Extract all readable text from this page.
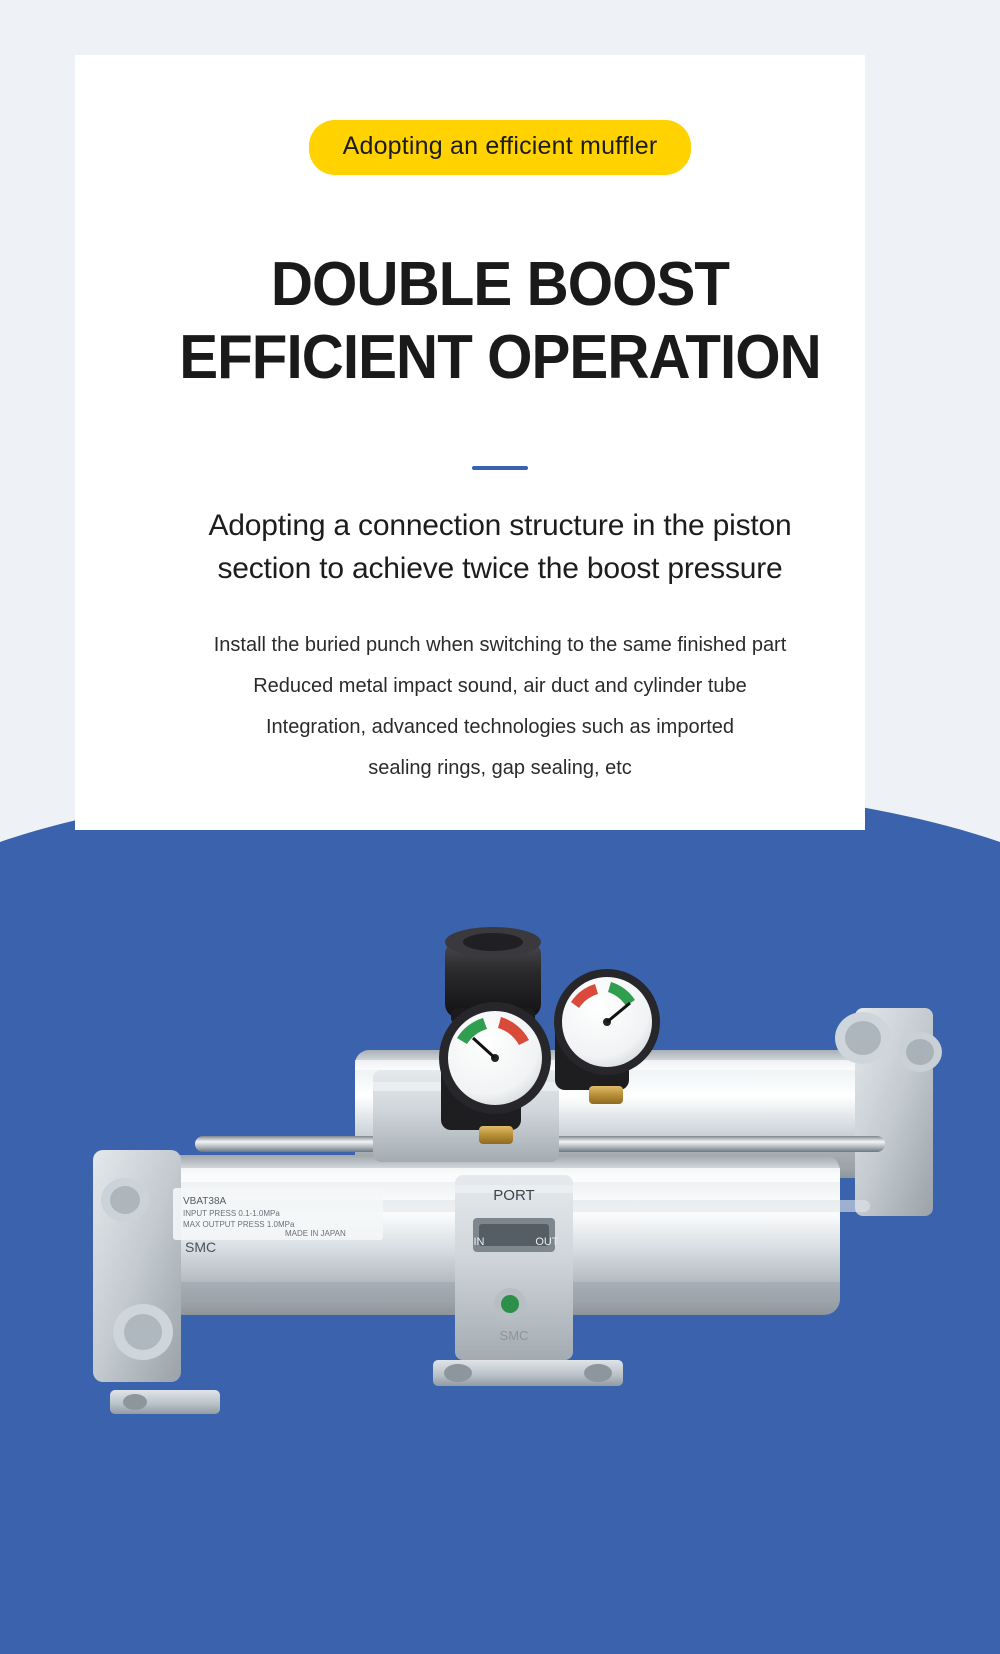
Adopting an efficient muffler
DOUBLE BOOST
EFFICIENT OPERATION
Adopting a connection structure in the piston
section to achieve twice the boost pressure
Install the buried punch when switching to the same finished part
Reduced metal impact sound, air duct and cylinder tube
Integration, advanced technologies such as imported
sealing rings, gap sealing, etc
PORT
IN	OUT
SMC
VBAT38A
INPUT PRESS 0.1-1.0MPa
MAX OUTPUT PRESS 1.0MPa
MADE IN JAPAN
SMC
